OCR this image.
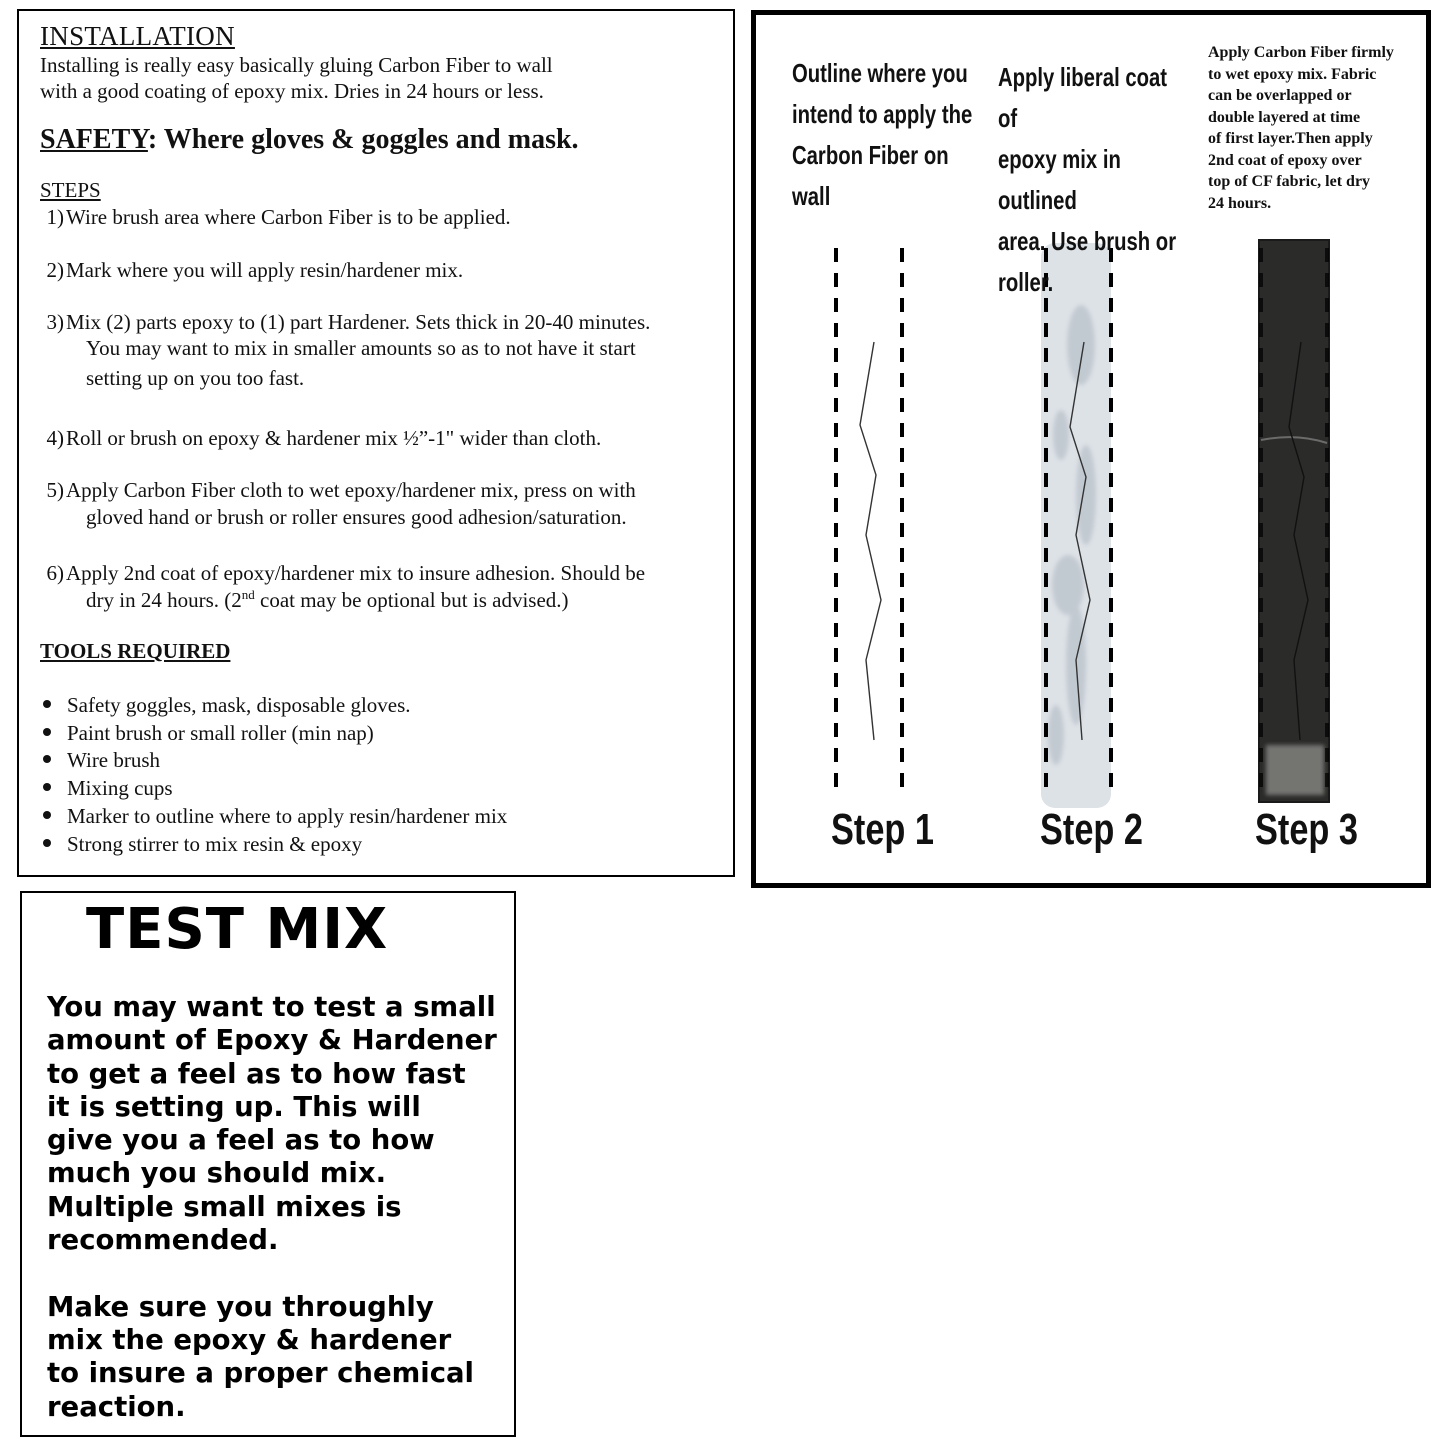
INSTALLATION
Installing is really easy basically gluing Carbon Fiber to wall
with a good coating of epoxy mix. Dries in 24 hours or less.
SAFETY: Where gloves & goggles and mask.
STEPS
1)Wire brush area where Carbon Fiber is to be applied.
2)Mark where you will apply resin/hardener mix.
3)Mix (2) parts epoxy to (1) part Hardener. Sets thick in 20-40 minutes.
You may want to mix in smaller amounts so as to not have it start
setting up on you too fast.
4)Roll or brush on epoxy & hardener mix ½”-1" wider than cloth.
5)Apply Carbon Fiber cloth to wet epoxy/hardener mix, press on with
gloved hand or brush or roller ensures good adhesion/saturation.
6)Apply 2nd coat of epoxy/hardener mix to insure adhesion. Should be
dry in 24 hours. (2nd coat may be optional but is advised.)
TOOLS REQUIRED
Safety goggles, mask, disposable gloves.
Paint brush or small roller (min nap)
Wire brush
Mixing cups
Marker to outline where to apply resin/hardener mix
Strong stirrer to mix resin & epoxy
Outline where you
intend to apply the
Carbon Fiber on wall
Apply liberal coat of
epoxy mix in outlined
area. Use brush or
roller.
Apply Carbon Fiber firmly
to wet epoxy mix. Fabric
can be overlapped or
double layered at time
of first layer.Then apply
2nd coat of epoxy over
top of CF fabric, let dry
24 hours.
Step 1 Step 2	Step 3
TEST MIX

You may want to test a small
amount of Epoxy & Hardener
to get a feel as to how fast
it is setting up. This will
give you a feel as to how
much you should mix.
Multiple small mixes is
recommended.

Make sure you throughly
mix the epoxy & hardener
to insure a proper chemical
reaction.
